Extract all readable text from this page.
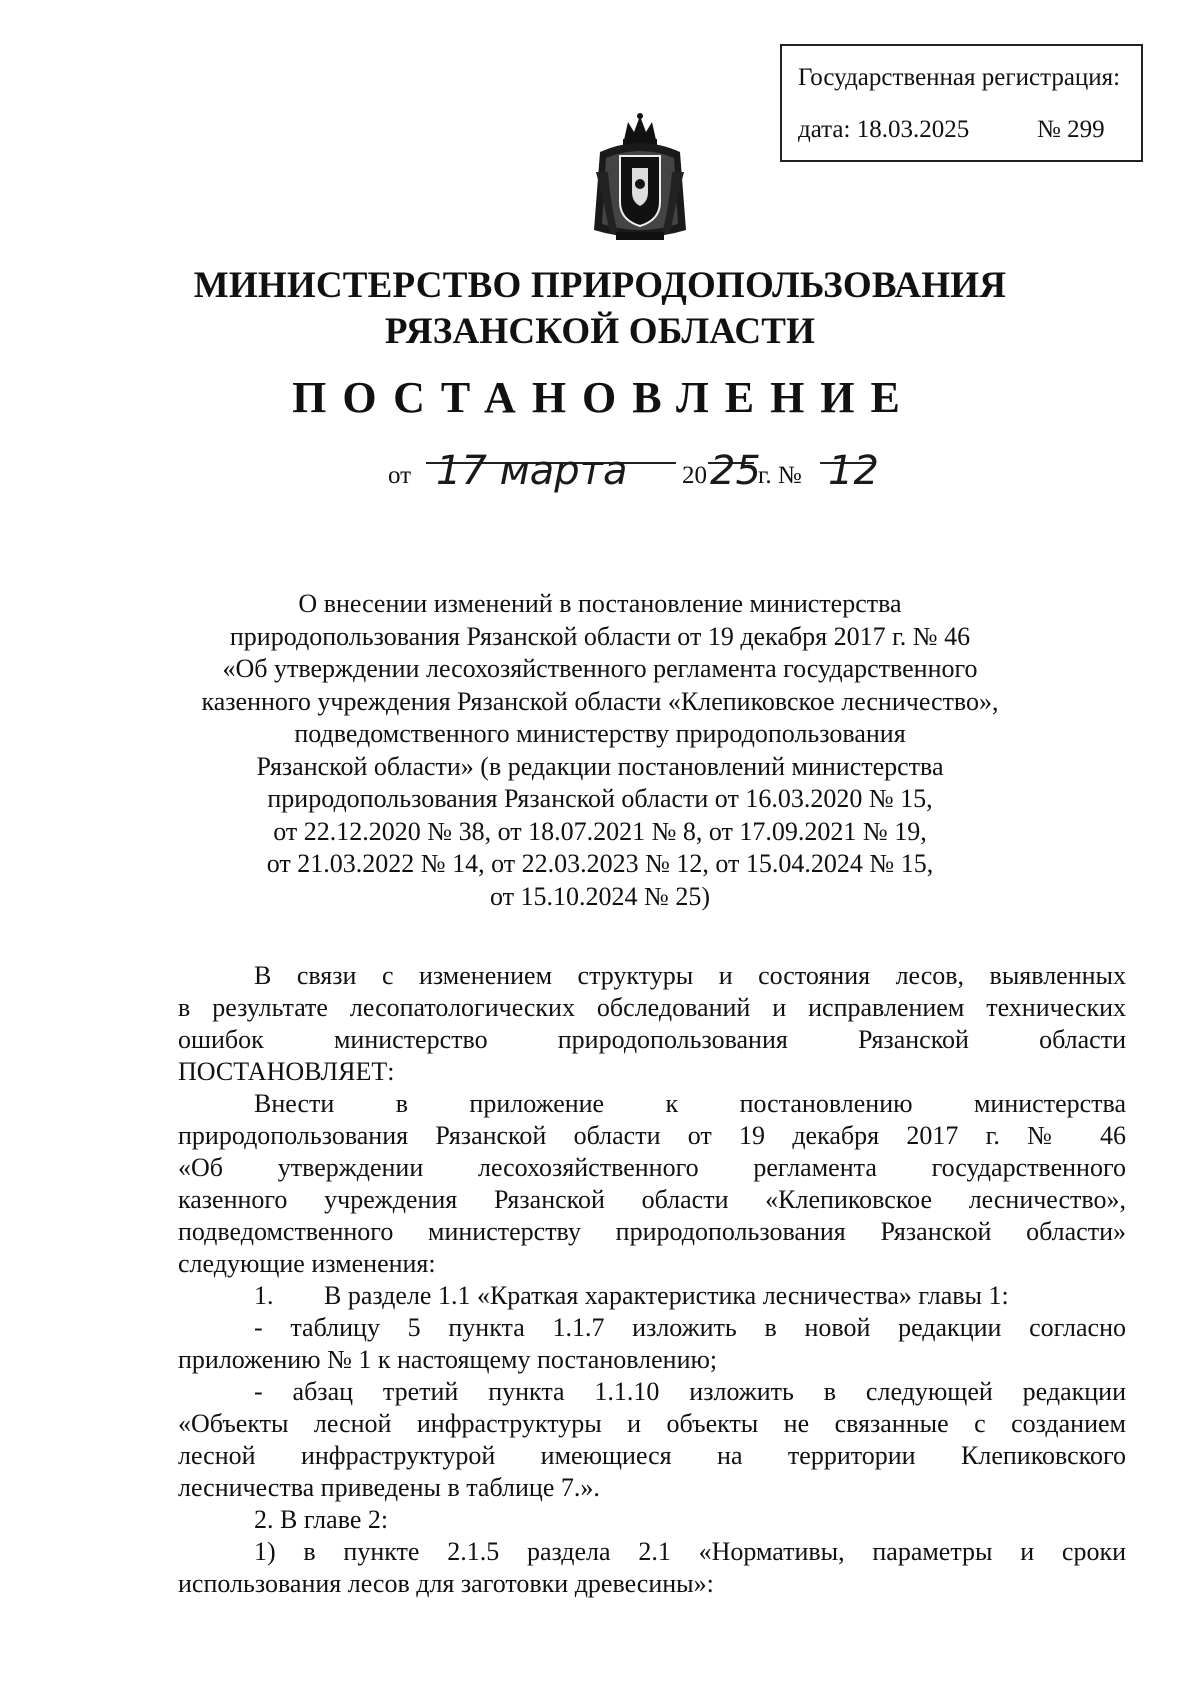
Государственная регистрация:
дата: 18.03.2025	№ 299
МИНИСТЕРСТВО ПРИРОДОПОЛЬЗОВАНИЯ
РЯЗАНСКОЙ ОБЛАСТИ
ПОСТАНОВЛЕНИЕ
от 17 марта 20 25
г. № 12
О внесении изменений в постановление министерства
природопользования Рязанской области от 19 декабря 2017 г. № 46
«Об утверждении лесохозяйственного регламента государственного
казенного учреждения Рязанской области «Клепиковское лесничество»,
подведомственного министерству природопользования
Рязанской области» (в редакции постановлений министерства
природопользования Рязанской области от 16.03.2020 № 15,
от 22.12.2020 № 38, от 18.07.2021 № 8, от 17.09.2021 № 19,
от 21.03.2022 № 14, от 22.03.2023 № 12, от 15.04.2024 № 15,
от 15.10.2024 № 25)
В связи с изменением структуры и состояния лесов, выявленных
в результате лесопатологических обследований и исправлением технических
ошибок министерство природопользования Рязанской области
ПОСТАНОВЛЯЕТ:
Внести в приложение к постановлению министерства
природопользования Рязанской области от 19 декабря 2017 г. № 46
«Об утверждении лесохозяйственного регламента государственного
казенного учреждения Рязанской области «Клепиковское лесничество»,
подведомственного министерству природопользования Рязанской области»
следующие изменения:
1. В разделе 1.1 «Краткая характеристика лесничества» главы 1:
- таблицу 5 пункта 1.1.7 изложить в новой редакции согласно
приложению № 1 к настоящему постановлению;
- абзац третий пункта 1.1.10 изложить в следующей редакции
«Объекты лесной инфраструктуры и объекты не связанные с созданием
лесной инфраструктурой имеющиеся на территории Клепиковского
лесничества приведены в таблице 7.».
2. В главе 2:
1) в пункте 2.1.5 раздела 2.1 «Нормативы, параметры и сроки
использования лесов для заготовки древесины»:
